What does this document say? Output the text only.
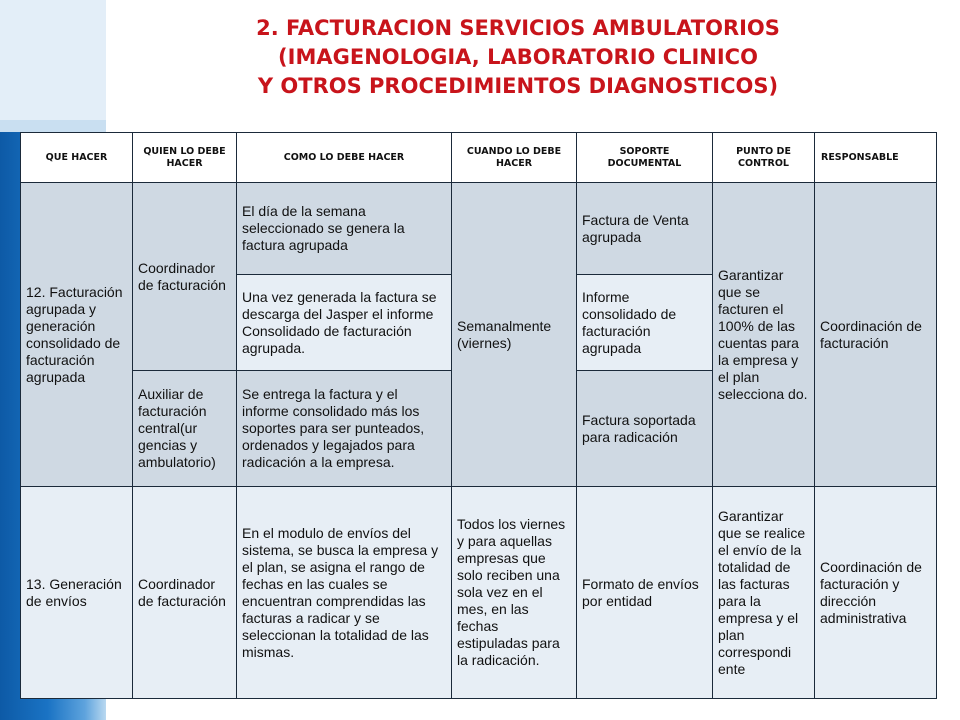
2. FACTURACION SERVICIOS AMBULATORIOS
(IMAGENOLOGIA, LABORATORIO CLINICO
Y OTROS PROCEDIMIENTOS DIAGNOSTICOS)
QUE HACER	QUIEN LO DEBE HACER	COMO LO DEBE HACER	CUANDO LO DEBE HACER	SOPORTE DOCUMENTAL	PUNTO DE CONTROL	RESPONSABLE
12. Facturación agrupada y generación consolidado de facturación agrupada	Coordinador de facturación	El día de la semana seleccionado se genera la factura agrupada	Semanalmente (viernes)	Factura de Venta agrupada	Garantizar que se facturen el 100% de las cuentas para la empresa y el plan selecciona do.	Coordinación de facturación
		Una vez generada la factura se descarga del Jasper el informe Consolidado de facturación agrupada.		Informe consolidado de facturación agrupada		
	Auxiliar de facturación central(ur gencias y ambulatorio)	Se entrega la factura y el informe consolidado más los soportes para ser punteados, ordenados y legajados para radicación a la empresa.		Factura soportada para radicación		
13. Generación de envíos	Coordinador de facturación	En el modulo de envíos del sistema, se busca la empresa y el plan, se asigna el rango de fechas en las cuales se encuentran comprendidas las facturas a radicar y se seleccionan la totalidad de las mismas.	Todos los viernes y para aquellas empresas que solo reciben una sola vez en el mes, en las fechas estipuladas para la radicación.	Formato de envíos por entidad	Garantizar que se realice el envío de la totalidad de las facturas para la empresa y el plan correspondi ente	Coordinación de facturación y dirección administrativa
